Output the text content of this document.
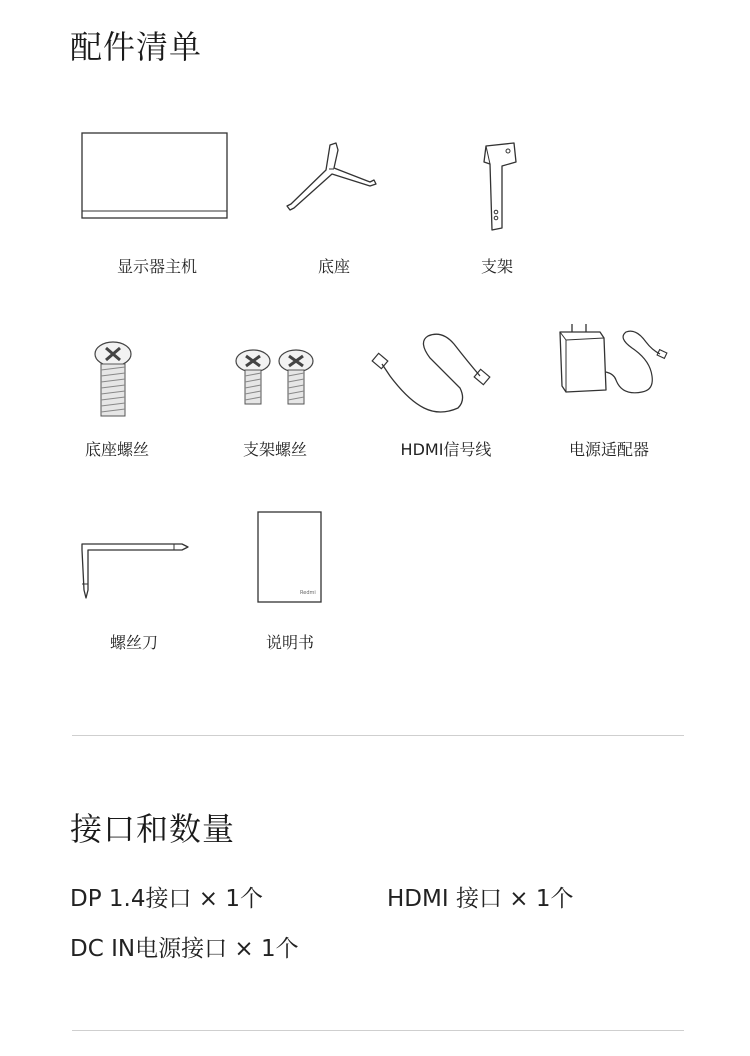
配件清单
显示器主机	底座	支架
底座螺丝	支架螺丝	HDMI信号线	电源适配器
螺丝刀
Redmi
说明书
接口和数量
DP 1.4接口 × 1个	HDMI 接口 × 1个
DC IN电源接口 × 1个
